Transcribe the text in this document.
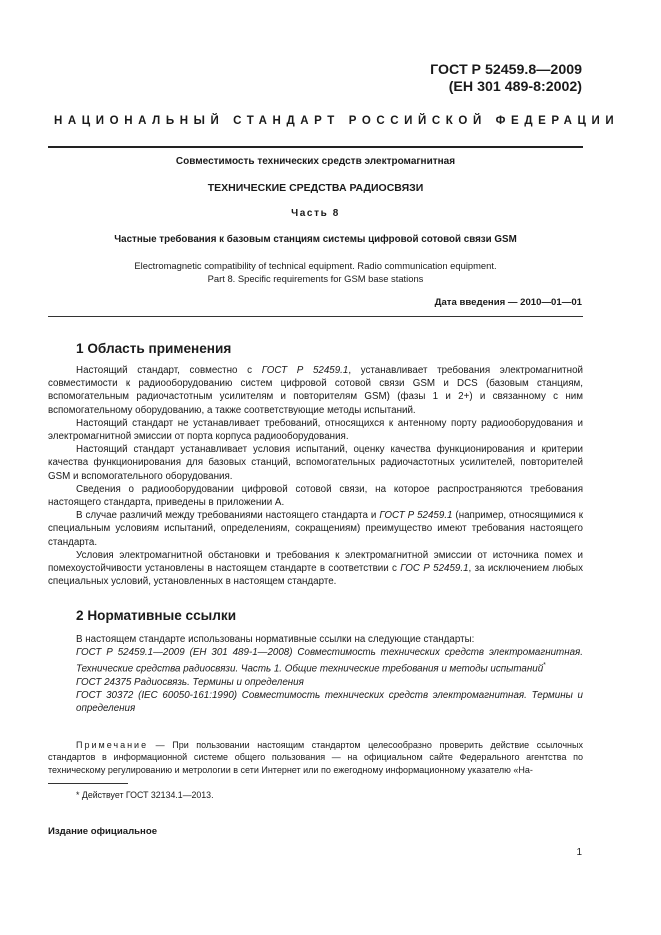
ГОСТ Р 52459.8—2009
(ЕН 301 489-8:2002)
НАЦИОНАЛЬНЫЙ СТАНДАРТ РОССИЙСКОЙ ФЕДЕРАЦИИ
Совместимость технических средств электромагнитная
ТЕХНИЧЕСКИЕ СРЕДСТВА РАДИОСВЯЗИ
Часть 8
Частные требования к базовым станциям системы цифровой сотовой связи GSM
Electromagnetic compatibility of technical equipment. Radio communication equipment.
Part 8. Specific requirements for GSM base stations
Дата введения — 2010—01—01
1 Область применения

Настоящий стандарт, совместно с ГОСТ Р 52459.1, устанавливает требования электромагнитной совместимости к радиооборудованию систем цифровой сотовой связи GSM и DCS (базовым станциям, вспомогательным радиочастотным усилителям и повторителям GSM) (фазы 1 и 2+) и связанному с ним вспомогательному оборудованию, а также соответствующие методы испытаний.

Настоящий стандарт не устанавливает требований, относящихся к антенному порту радиооборудования и электромагнитной эмиссии от порта корпуса радиооборудования.

Настоящий стандарт устанавливает условия испытаний, оценку качества функционирования и критерии качества функционирования для базовых станций, вспомогательных радиочастотных усилителей, повторителей GSM и вспомогательного оборудования.

Сведения о радиооборудовании цифровой сотовой связи, на которое распространяются требования настоящего стандарта, приведены в приложении А.

В случае различий между требованиями настоящего стандарта и ГОСТ Р 52459.1 (например, относящимися к специальным условиям испытаний, определениям, сокращениям) преимущество имеют требования настоящего стандарта.

Условия электромагнитной обстановки и требования к электромагнитной эмиссии от источника помех и помехоустойчивости установлены в настоящем стандарте в соответствии с ГОС Р 52459.1, за исключением любых специальных условий, установленных в настоящем стандарте.

2 Нормативные ссылки

В настоящем стандарте использованы нормативные ссылки на следующие стандарты:

ГОСТ Р 52459.1—2009 (ЕН 301 489-1—2008) Совместимость технических средств электромагнитная. Технические средства радиосвязи. Часть 1. Общие технические требования и методы испытаний*

ГОСТ 24375 Радиосвязь. Термины и определения

ГОСТ 30372 (IEC 60050-161:1990) Совместимость технических средств электромагнитная. Термины и определения

Примечание — При пользовании настоящим стандартом целесообразно проверить действие ссылочных стандартов в информационной системе общего пользования — на официальном сайте Федерального агентства по техническому регулированию и метрологии в сети Интернет или по ежегодному информационному указателю «На-

* Действует ГОСТ 32134.1—2013.
Издание официальное
1
